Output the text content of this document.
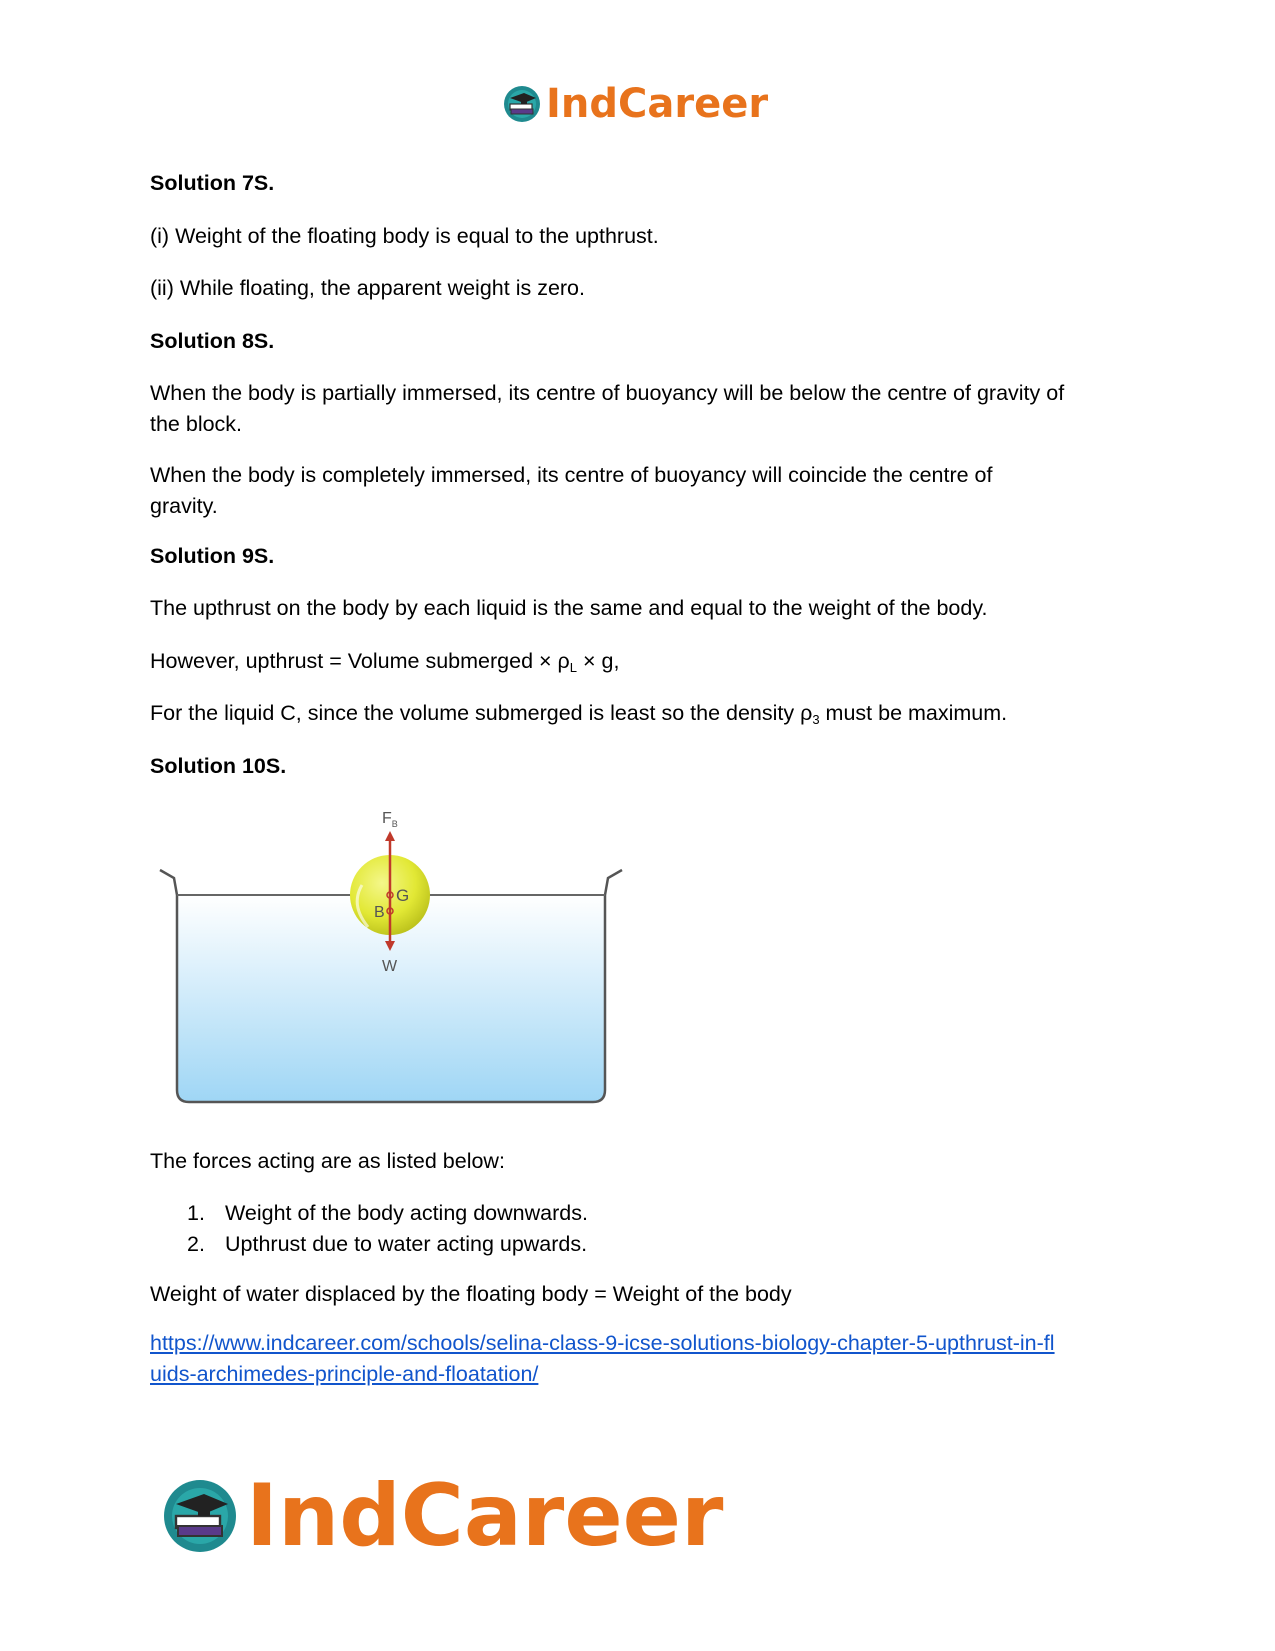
IndCareer

Solution 7S.

(i) Weight of the floating body is equal to the upthrust.

(ii) While floating, the apparent weight is zero.

Solution 8S.

When the body is partially immersed, its centre of buoyancy will be below the centre of gravity of
the block.

When the body is completely immersed, its centre of buoyancy will coincide the centre of
gravity.

Solution 9S.

The upthrust on the body by each liquid is the same and equal to the weight of the body.

However, upthrust = Volume submerged × $\rho_L \times g$,

For the liquid C, since the volume submerged is least so the density $\rho_3$ must be maximum.

Solution 10S.

The forces acting are as listed below:

1. Weight of the body acting downwards.
2. Upthrust due to water acting upwards.

Weight of water displaced by the floating body = Weight of the body

https://www.indcareer.com/schools/selina-class-9-icse-solutions-biology-chapter-5-upthrust-in-fl
uids-archimedes-principle-and-floatation/

$F_B$
G
B
W
IndCareer
